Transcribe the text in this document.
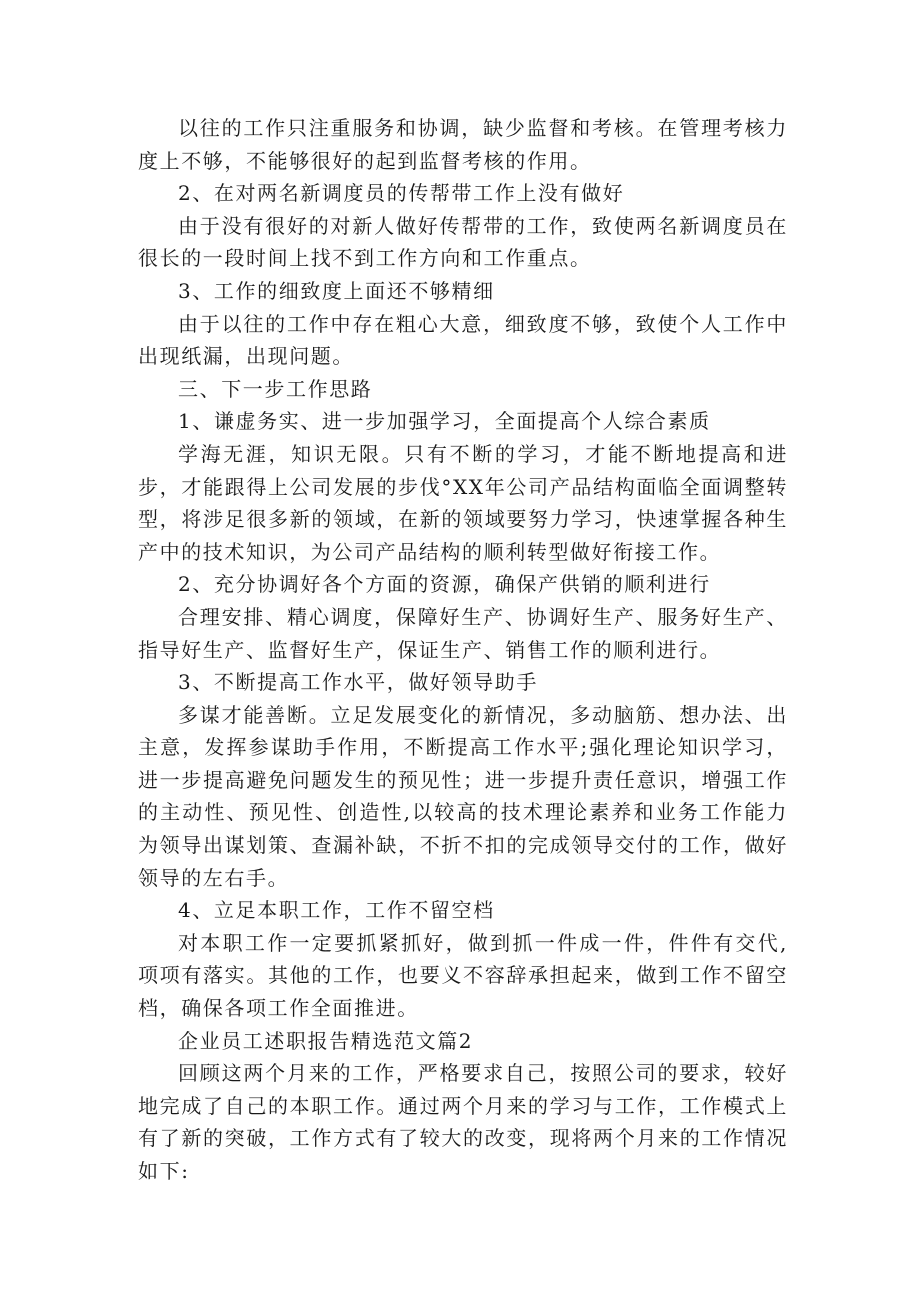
以往的工作只注重服务和协调，缺少监督和考核。在管理考核力度上不够，不能够很好的起到监督考核的作用。

2、在对两名新调度员的传帮带工作上没有做好

由于没有很好的对新人做好传帮带的工作，致使两名新调度员在很长的一段时间上找不到工作方向和工作重点。

3、工作的细致度上面还不够精细

由于以往的工作中存在粗心大意，细致度不够，致使个人工作中出现纸漏，出现问题。

三、下一步工作思路

1、谦虚务实、进一步加强学习，全面提高个人综合素质

学海无涯，知识无限。只有不断的学习，才能不断地提高和进步，才能跟得上公司发展的步伐°XX年公司产品结构面临全面调整转型，将涉足很多新的领域，在新的领域要努力学习，快速掌握各种生产中的技术知识，为公司产品结构的顺利转型做好衔接工作。

2、充分协调好各个方面的资源，确保产供销的顺利进行

合理安排、精心调度，保障好生产、协调好生产、服务好生产、指导好生产、监督好生产，保证生产、销售工作的顺利进行。

3、不断提高工作水平，做好领导助手

多谋才能善断。立足发展变化的新情况，多动脑筋、想办法、出主意，发挥参谋助手作用，不断提高工作水平;强化理论知识学习，进一步提高避免问题发生的预见性；进一步提升责任意识，增强工作的主动性、预见性、创造性,以较高的技术理论素养和业务工作能力为领导出谋划策、查漏补缺，不折不扣的完成领导交付的工作，做好领导的左右手。

4、立足本职工作，工作不留空档

对本职工作一定要抓紧抓好，做到抓一件成一件，件件有交代,项项有落实。其他的工作，也要义不容辞承担起来，做到工作不留空档，确保各项工作全面推进。

企业员工述职报告精选范文篇2

回顾这两个月来的工作，严格要求自己，按照公司的要求，较好地完成了自己的本职工作。通过两个月来的学习与工作，工作模式上有了新的突破，工作方式有了较大的改变，现将两个月来的工作情况如下:
